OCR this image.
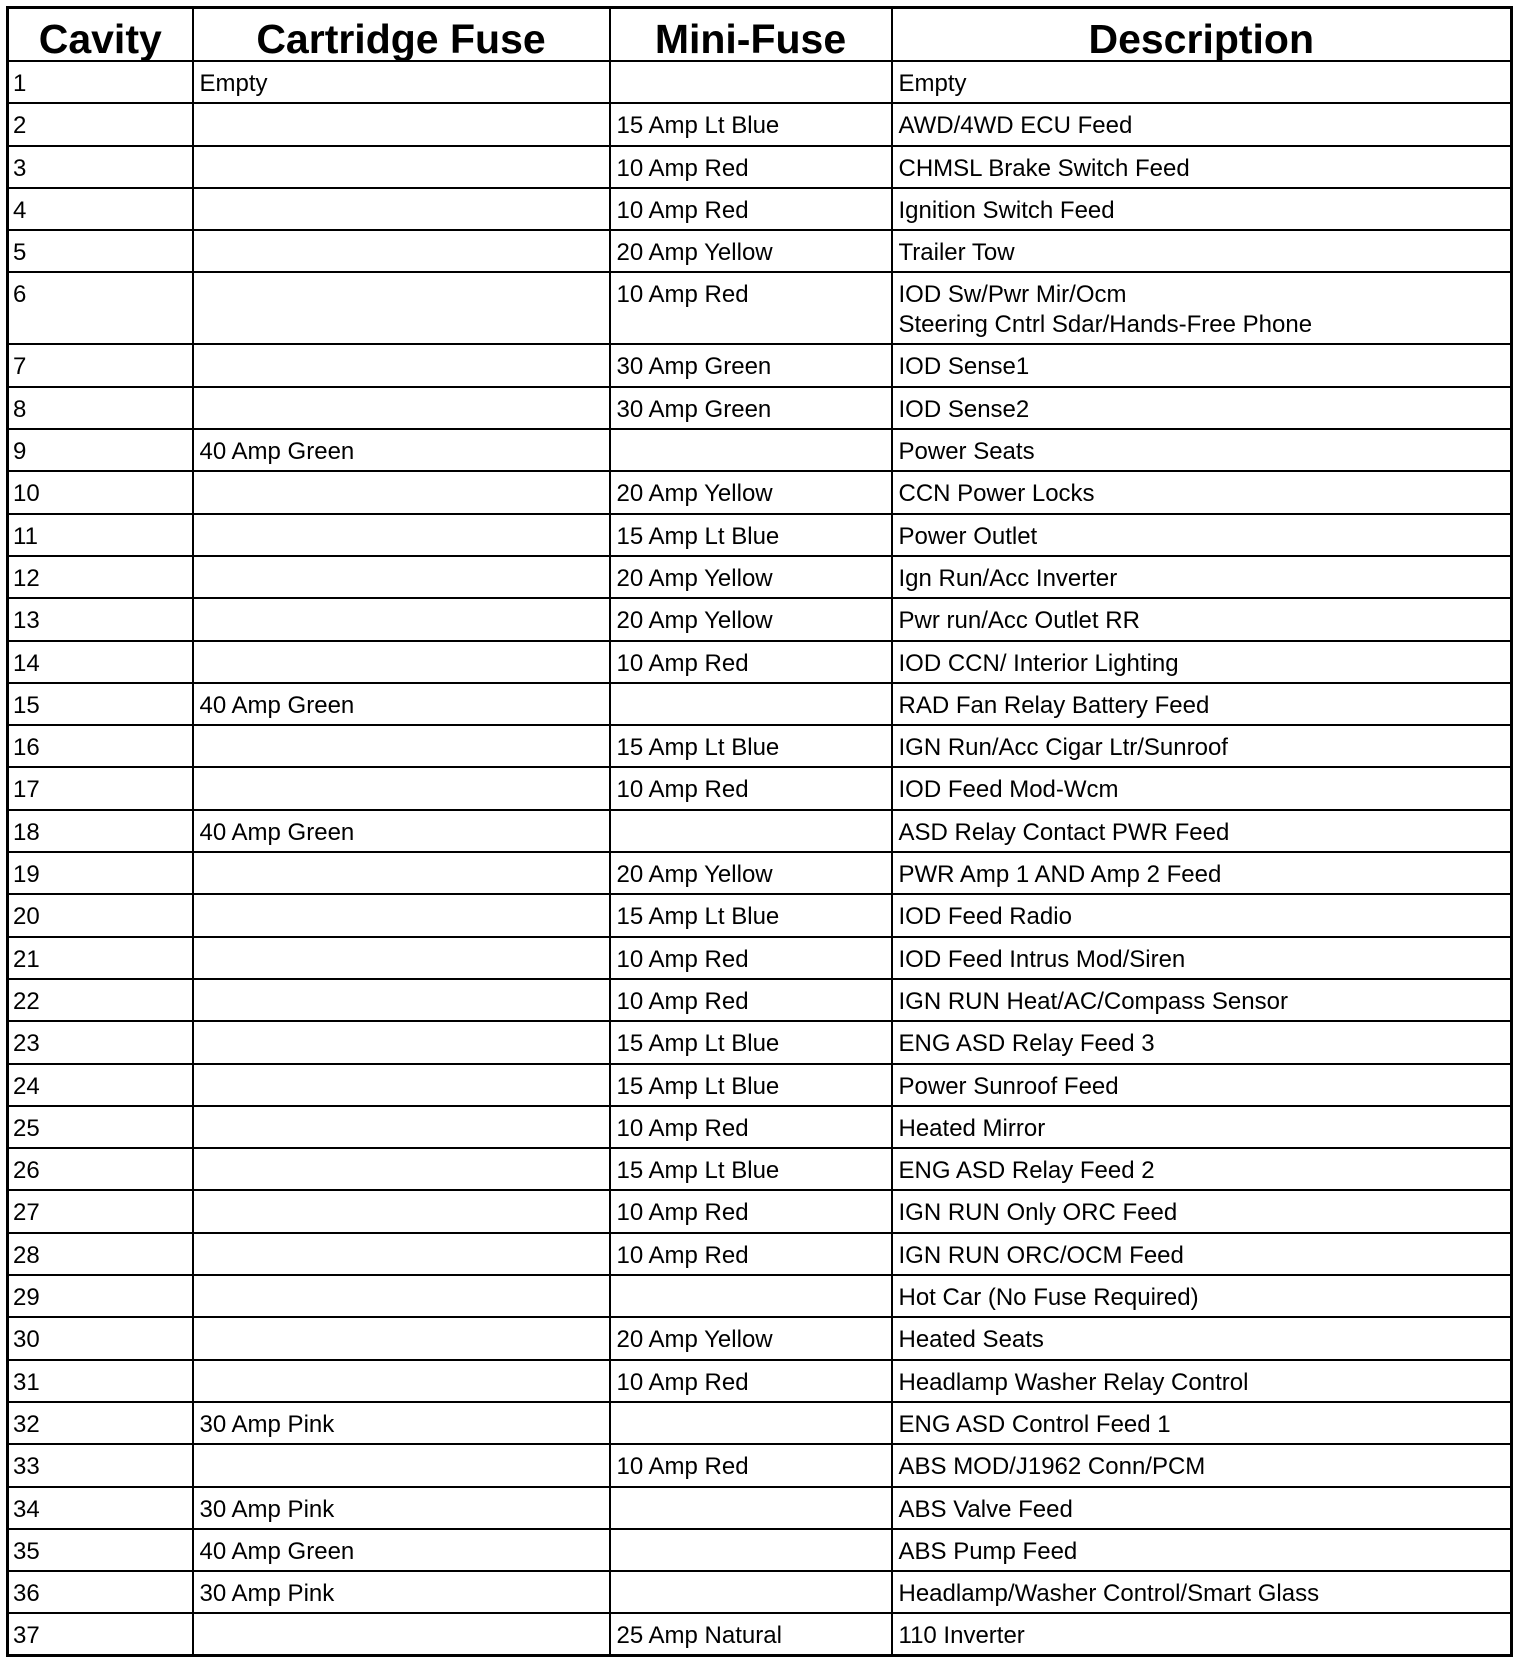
Cavity	Cartridge Fuse	Mini-Fuse	Description
1	Empty		Empty

2		15 Amp Lt Blue	AWD/4WD ECU Feed

3		10 Amp Red	CHMSL Brake Switch Feed

4		10 Amp Red	Ignition Switch Feed

5		20 Amp Yellow	Trailer Tow

6		10 Amp Red	IOD Sw/Pwr Mir/Ocm
Steering Cntrl Sdar/Hands-Free Phone

7		30 Amp Green	IOD Sense1

8		30 Amp Green	IOD Sense2

9	40 Amp Green		Power Seats

10		20 Amp Yellow	CCN Power Locks

11		15 Amp Lt Blue	Power Outlet

12		20 Amp Yellow	Ign Run/Acc Inverter

13		20 Amp Yellow	Pwr run/Acc Outlet RR

14		10 Amp Red	IOD CCN/ Interior Lighting

15	40 Amp Green		RAD Fan Relay Battery Feed

16		15 Amp Lt Blue	IGN Run/Acc Cigar Ltr/Sunroof

17		10 Amp Red	IOD Feed Mod-Wcm

18	40 Amp Green		ASD Relay Contact PWR Feed

19		20 Amp Yellow	PWR Amp 1 AND Amp 2 Feed

20		15 Amp Lt Blue	IOD Feed Radio

21		10 Amp Red	IOD Feed Intrus Mod/Siren

22		10 Amp Red	IGN RUN Heat/AC/Compass Sensor

23		15 Amp Lt Blue	ENG ASD Relay Feed 3

24		15 Amp Lt Blue	Power Sunroof Feed

25		10 Amp Red	Heated Mirror

26		15 Amp Lt Blue	ENG ASD Relay Feed 2

27		10 Amp Red	IGN RUN Only ORC Feed

28		10 Amp Red	IGN RUN ORC/OCM Feed

29			Hot Car (No Fuse Required)

30		20 Amp Yellow	Heated Seats

31		10 Amp Red	Headlamp Washer Relay Control

32	30 Amp Pink		ENG ASD Control Feed 1

33		10 Amp Red	ABS MOD/J1962 Conn/PCM

34	30 Amp Pink		ABS Valve Feed

35	40 Amp Green		ABS Pump Feed

36	30 Amp Pink		Headlamp/Washer Control/Smart Glass

37		25 Amp Natural	110 Inverter
